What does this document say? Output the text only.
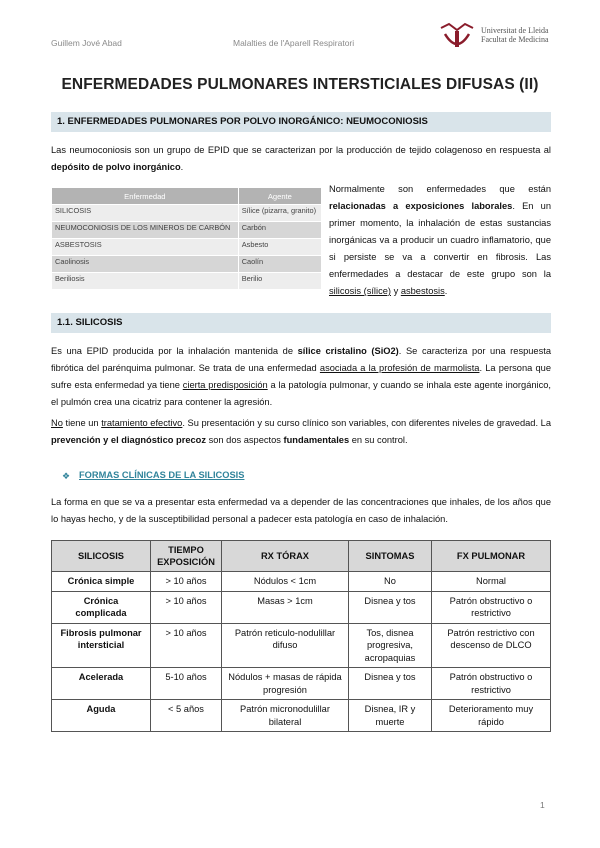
Guillem Jové Abad	Malalties de l'Aparell Respiratori
Universitat de Lleida
Facultat de Medicina
ENFERMEDADES PULMONARES INTERSTICIALES DIFUSAS (II)
1. ENFERMEDADES PULMONARES POR POLVO INORGÁNICO: NEUMOCONIOSIS
Las neumoconiosis son un grupo de EPID que se caracterizan por la producción de tejido colagenoso en respuesta al depósito de polvo inorgánico.
Enfermedad	Agente
SILICOSIS	Sílice (pizarra, granito)
NEUMOCONIOSIS DE LOS MINEROS DE CARBÓN	Carbón
ASBESTOSIS	Asbesto
Caolinosis	Caolín
Beriliosis	Berilio
Normalmente son enfermedades que están relacionadas a exposiciones laborales. En un primer momento, la inhalación de estas sustancias inorgánicas va a producir un cuadro inflamatorio, que si persiste se va a convertir en fibrosis. Las enfermedades a destacar de este grupo son la silicosis (sílice) y asbestosis.
1.1. SILICOSIS
Es una EPID producida por la inhalación mantenida de sílice cristalino (SiO2). Se caracteriza por una respuesta fibrótica del parénquima pulmonar. Se trata de una enfermedad asociada a la profesión de marmolista. La persona que sufre esta enfermedad ya tiene cierta predisposición a la patología pulmonar, y cuando se inhala este agente inorgánico, el pulmón crea una cicatriz para contener la agresión.
No tiene un tratamiento efectivo. Su presentación y su curso clínico son variables, con diferentes niveles de gravedad. La prevención y el diagnóstico precoz son dos aspectos fundamentales en su control.
❖ FORMAS CLÍNICAS DE LA SILICOSIS
La forma en que se va a presentar esta enfermedad va a depender de las concentraciones que inhales, de los años que lo hayas hecho, y de la susceptibilidad personal a padecer esta patología en caso de inhalación.
SILICOSIS	TIEMPO EXPOSICIÓN	RX TÓRAX	SINTOMAS	FX PULMONAR
Crónica simple	> 10 años	Nódulos < 1cm	No	Normal
Crónica complicada	> 10 años	Masas > 1cm	Disnea y tos	Patrón obstructivo o restrictivo
Fibrosis pulmonar intersticial	> 10 años	Patrón reticulo-nodulillar difuso	Tos, disnea progresiva, acropaquias	Patrón restrictivo con descenso de DLCO
Acelerada	5-10 años	Nódulos + masas de rápida progresión	Disnea y tos	Patrón obstructivo o restrictivo
Aguda	< 5 años	Patrón micronodulillar bilateral	Disnea, IR y muerte	Deterioramento muy rápido
1
